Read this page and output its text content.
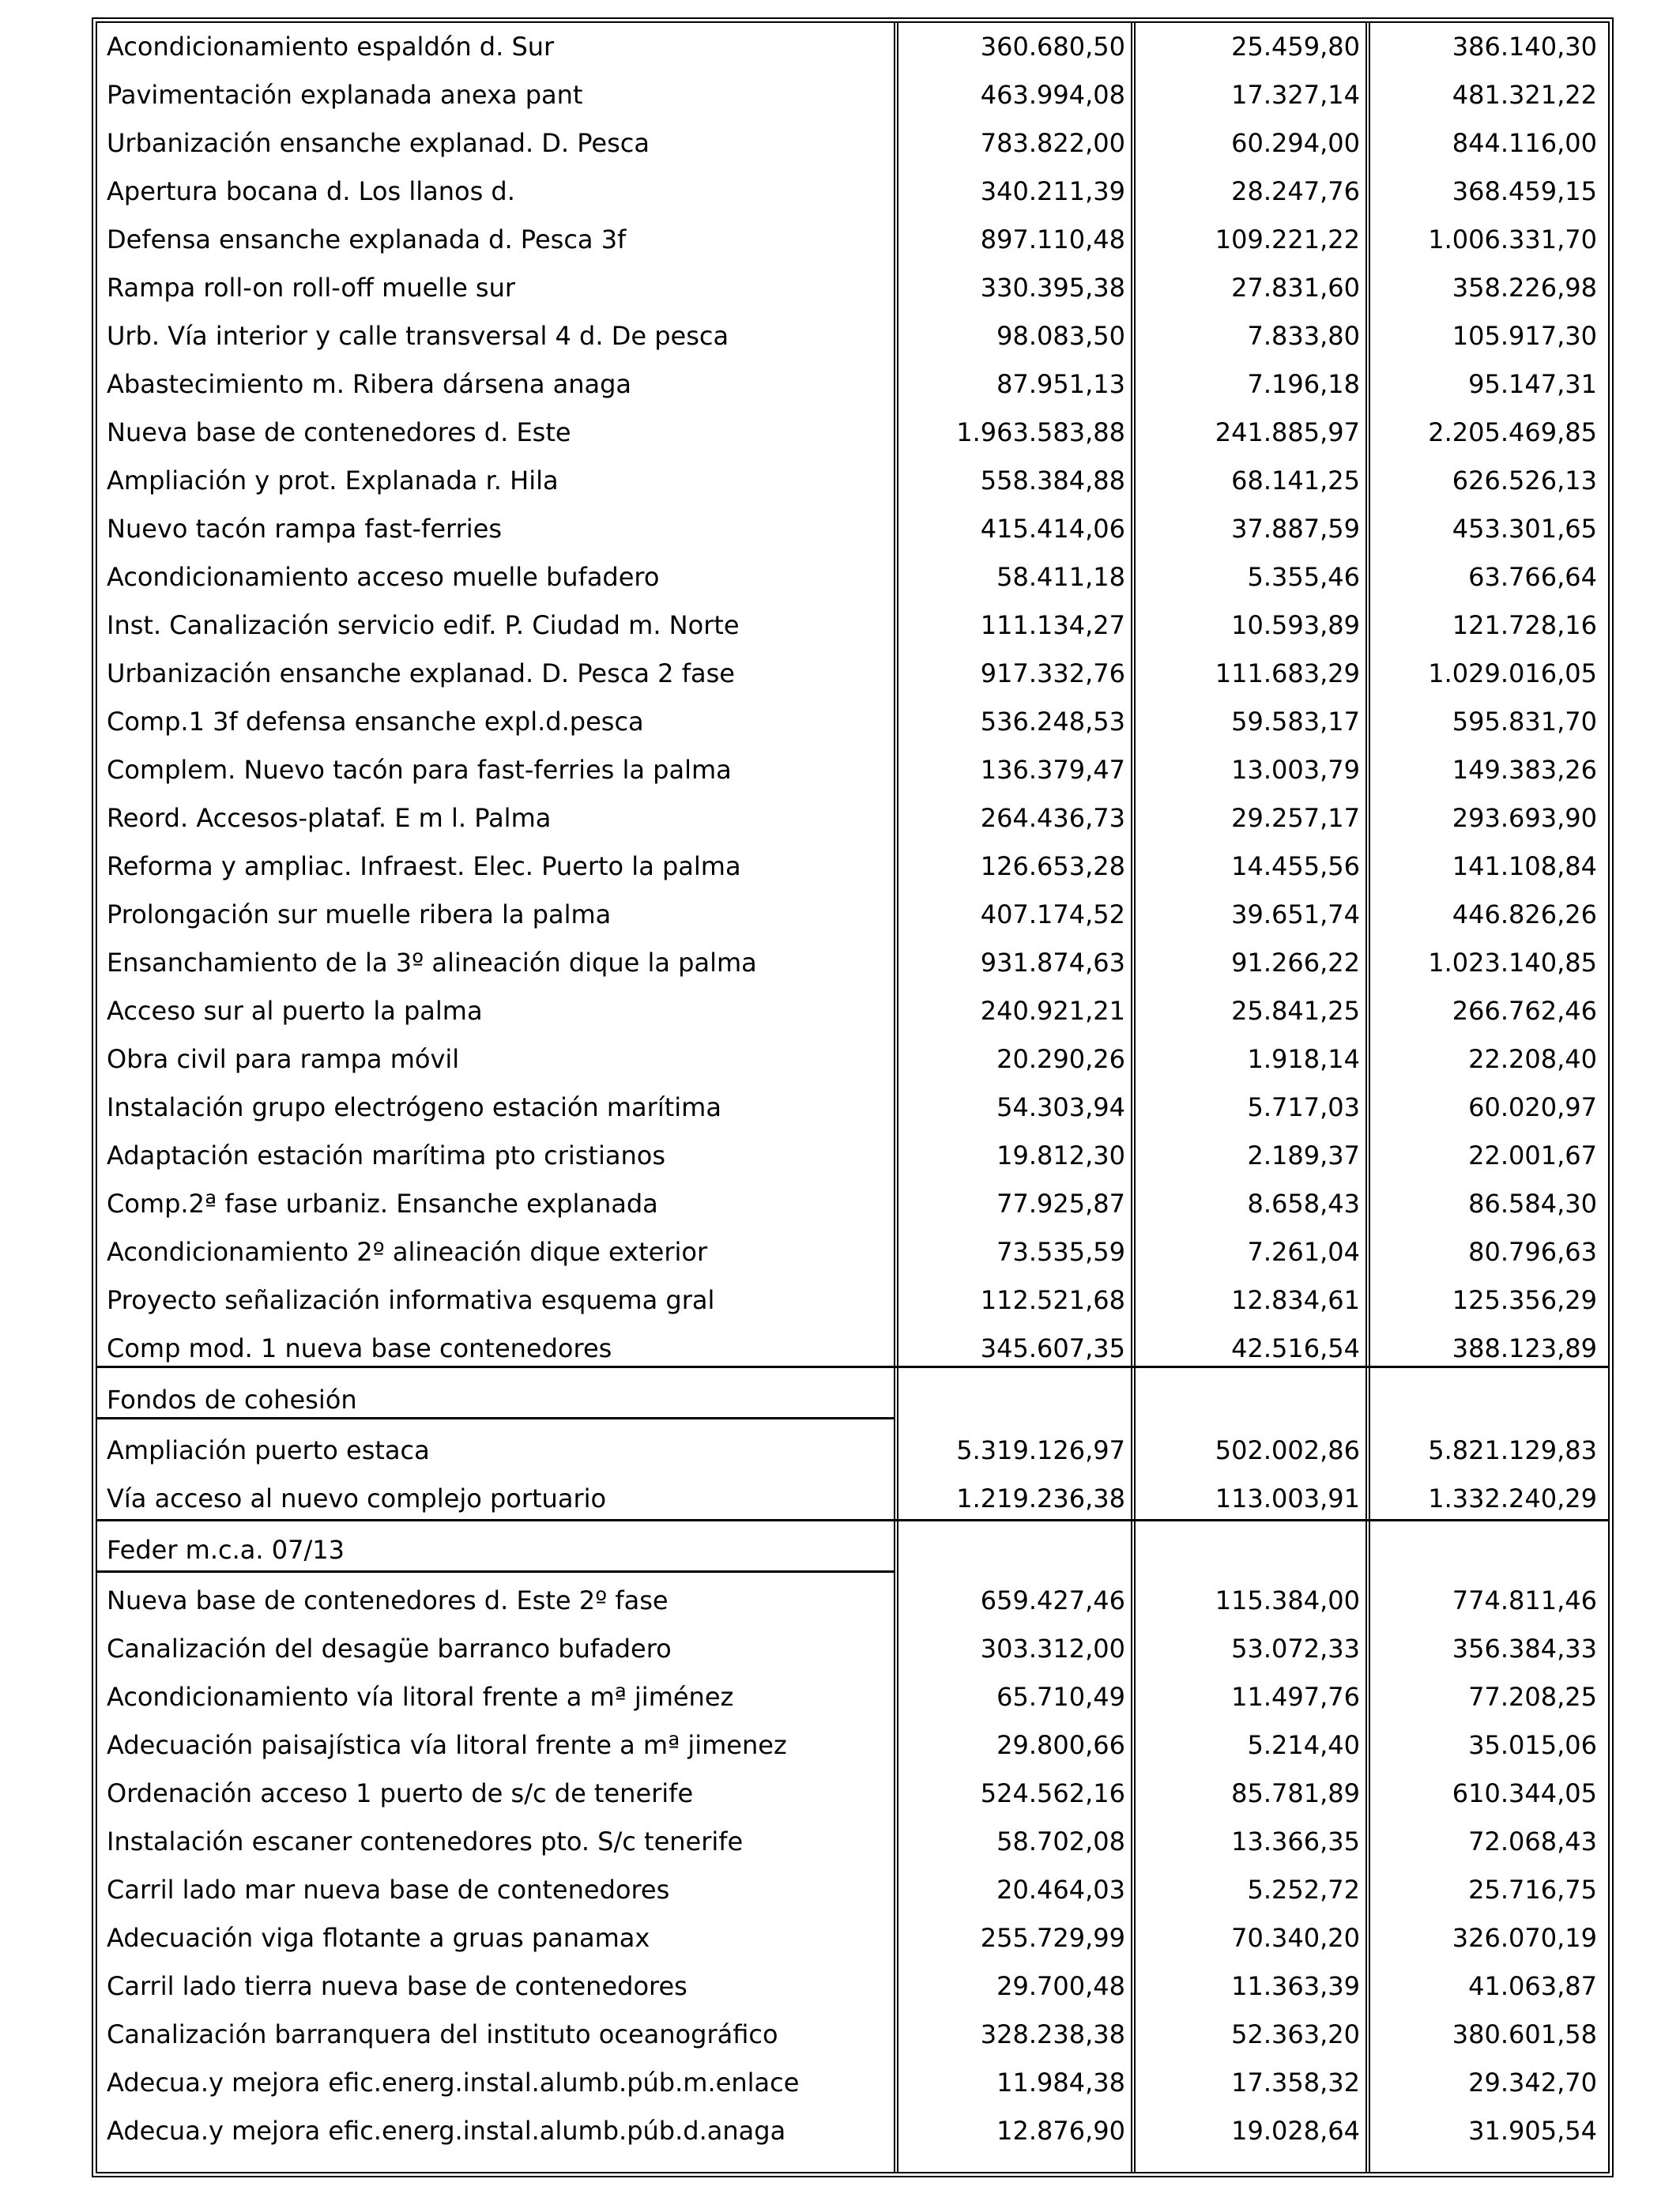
Acondicionamiento espaldón d. Sur	360.680,50	25.459,80	386.140,30
Pavimentación explanada anexa pant	463.994,08	17.327,14	481.321,22
Urbanización ensanche explanad. D. Pesca	783.822,00	60.294,00	844.116,00
Apertura bocana d. Los llanos d.	340.211,39	28.247,76	368.459,15
Defensa ensanche explanada d. Pesca 3f	897.110,48	109.221,22	1.006.331,70
Rampa roll-on roll-off muelle sur	330.395,38	27.831,60	358.226,98
Urb. Vía interior y calle transversal 4 d. De pesca	98.083,50	7.833,80	105.917,30
Abastecimiento m. Ribera dársena anaga	87.951,13	7.196,18	95.147,31
Nueva base de contenedores d. Este	1.963.583,88	241.885,97	2.205.469,85
Ampliación y prot. Explanada r. Hila	558.384,88	68.141,25	626.526,13
Nuevo tacón rampa fast-ferries	415.414,06	37.887,59	453.301,65
Acondicionamiento acceso muelle bufadero	58.411,18	5.355,46	63.766,64
Inst. Canalización servicio edif. P. Ciudad m. Norte	111.134,27	10.593,89	121.728,16
Urbanización ensanche explanad. D. Pesca 2 fase	917.332,76	111.683,29	1.029.016,05
Comp.1 3f defensa ensanche expl.d.pesca	536.248,53	59.583,17	595.831,70
Complem. Nuevo tacón para fast-ferries la palma	136.379,47	13.003,79	149.383,26
Reord. Accesos-plataf. E m l. Palma	264.436,73	29.257,17	293.693,90
Reforma y ampliac. Infraest. Elec. Puerto la palma	126.653,28	14.455,56	141.108,84
Prolongación sur muelle ribera la palma	407.174,52	39.651,74	446.826,26
Ensanchamiento de la 3º alineación dique la palma	931.874,63	91.266,22	1.023.140,85
Acceso sur al puerto la palma	240.921,21	25.841,25	266.762,46
Obra civil para rampa móvil	20.290,26	1.918,14	22.208,40
Instalación grupo electrógeno estación marítima	54.303,94	5.717,03	60.020,97
Adaptación estación marítima pto cristianos	19.812,30	2.189,37	22.001,67
Comp.2ª fase urbaniz. Ensanche explanada	77.925,87	8.658,43	86.584,30
Acondicionamiento 2º alineación dique exterior	73.535,59	7.261,04	80.796,63
Proyecto señalización informativa esquema gral	112.521,68	12.834,61	125.356,29
Comp mod. 1 nueva base contenedores	345.607,35	42.516,54	388.123,89
Fondos de cohesión			
Ampliación puerto estaca	5.319.126,97	502.002,86	5.821.129,83
Vía acceso al nuevo complejo portuario	1.219.236,38	113.003,91	1.332.240,29
Feder m.c.a. 07/13			
Nueva base de contenedores d. Este 2º fase	659.427,46	115.384,00	774.811,46
Canalización del desagüe barranco bufadero	303.312,00	53.072,33	356.384,33
Acondicionamiento vía litoral frente a mª jiménez	65.710,49	11.497,76	77.208,25
Adecuación paisajística vía litoral frente a mª jimenez	29.800,66	5.214,40	35.015,06
Ordenación acceso 1 puerto de s/c de tenerife	524.562,16	85.781,89	610.344,05
Instalación escaner contenedores pto. S/c tenerife	58.702,08	13.366,35	72.068,43
Carril lado mar nueva base de contenedores	20.464,03	5.252,72	25.716,75
Adecuación viga flotante a gruas panamax	255.729,99	70.340,20	326.070,19
Carril lado tierra nueva base de contenedores	29.700,48	11.363,39	41.063,87
Canalización barranquera del instituto oceanográfico	328.238,38	52.363,20	380.601,58
Adecua.y mejora efic.energ.instal.alumb.púb.m.enlace	11.984,38	17.358,32	29.342,70
Adecua.y mejora efic.energ.instal.alumb.púb.d.anaga	12.876,90	19.028,64	31.905,54
